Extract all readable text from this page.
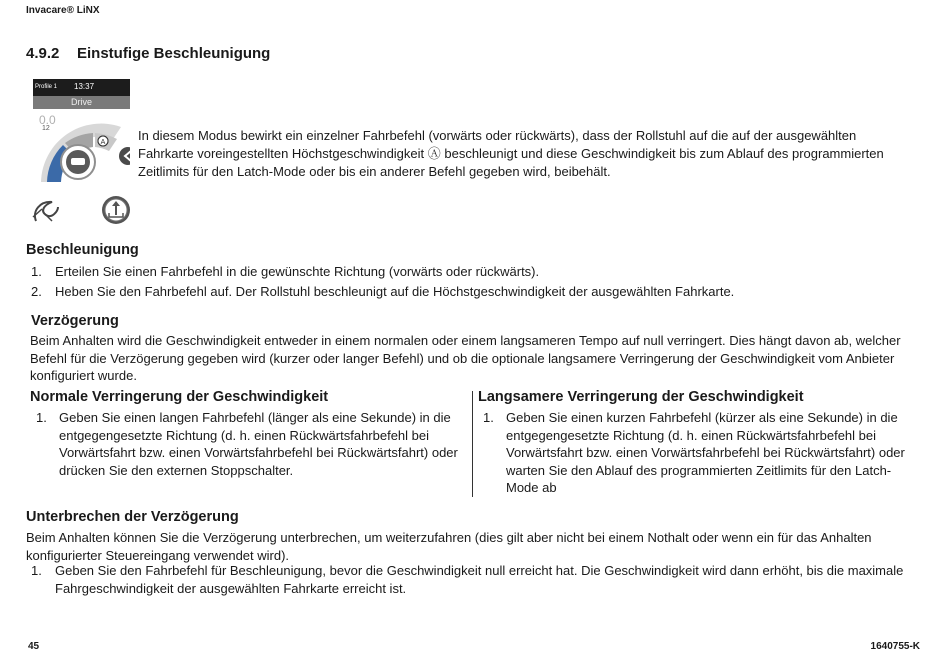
Invacare® LiNX
4.9.2 Einstufige Beschleunigung
Profile 1 13:37
Drive
A
0.0
12	In diesem Modus bewirkt ein einzelner Fahrbefehl (vorwärts oder rückwärts), dass der Rollstuhl auf die auf der ausgewählten Fahrkarte voreingestellten Höchstgeschwindigkeit Ⓐ beschleunigt und diese Geschwindigkeit bis zum Ablauf des programmierten Zeitlimits für den Latch-Mode oder bis ein anderer Befehl gegeben wird, beibehält.
Beschleunigung
1. Erteilen Sie einen Fahrbefehl in die gewünschte Richtung (vorwärts oder rückwärts).
2. Heben Sie den Fahrbefehl auf. Der Rollstuhl beschleunigt auf die Höchstgeschwindigkeit der ausgewählten Fahrkarte.
Verzögerung
Beim Anhalten wird die Geschwindigkeit entweder in einem normalen oder einem langsameren Tempo auf null verringert. Dies hängt davon ab, welcher Befehl für die Verzögerung gegeben wird (kurzer oder langer Befehl) und ob die optionale langsamere Verringerung der Geschwindigkeit vom Anbieter konfiguriert wurde.
Normale Verringerung der Geschwindigkeit
1. Geben Sie einen langen Fahrbefehl (länger als eine Sekunde) in die entgegengesetzte Richtung (d. h. einen Rückwärtsfahrbefehl bei Vorwärtsfahrt bzw. einen Vorwärtsfahrbefehl bei Rückwärtsfahrt) oder drücken Sie den externen Stoppschalter.
Langsamere Verringerung der Geschwindigkeit
1. Geben Sie einen kurzen Fahrbefehl (kürzer als eine Sekunde) in die entgegengesetzte Richtung (d. h. einen Rückwärtsfahrbefehl bei Vorwärtsfahrt bzw. einen Vorwärtsfahrbefehl bei Rückwärtsfahrt) oder warten Sie den Ablauf des programmierten Zeitlimits für den Latch-Mode ab
Unterbrechen der Verzögerung
Beim Anhalten können Sie die Verzögerung unterbrechen, um weiterzufahren (dies gilt aber nicht bei einem Nothalt oder wenn ein für das Anhalten konfigurierter Steuereingang verwendet wird).
1. Geben Sie den Fahrbefehl für Beschleunigung, bevor die Geschwindigkeit null erreicht hat. Die Geschwindigkeit wird dann erhöht, bis die maximale Fahrgeschwindigkeit der ausgewählten Fahrkarte erreicht ist.
45	1640755-K
